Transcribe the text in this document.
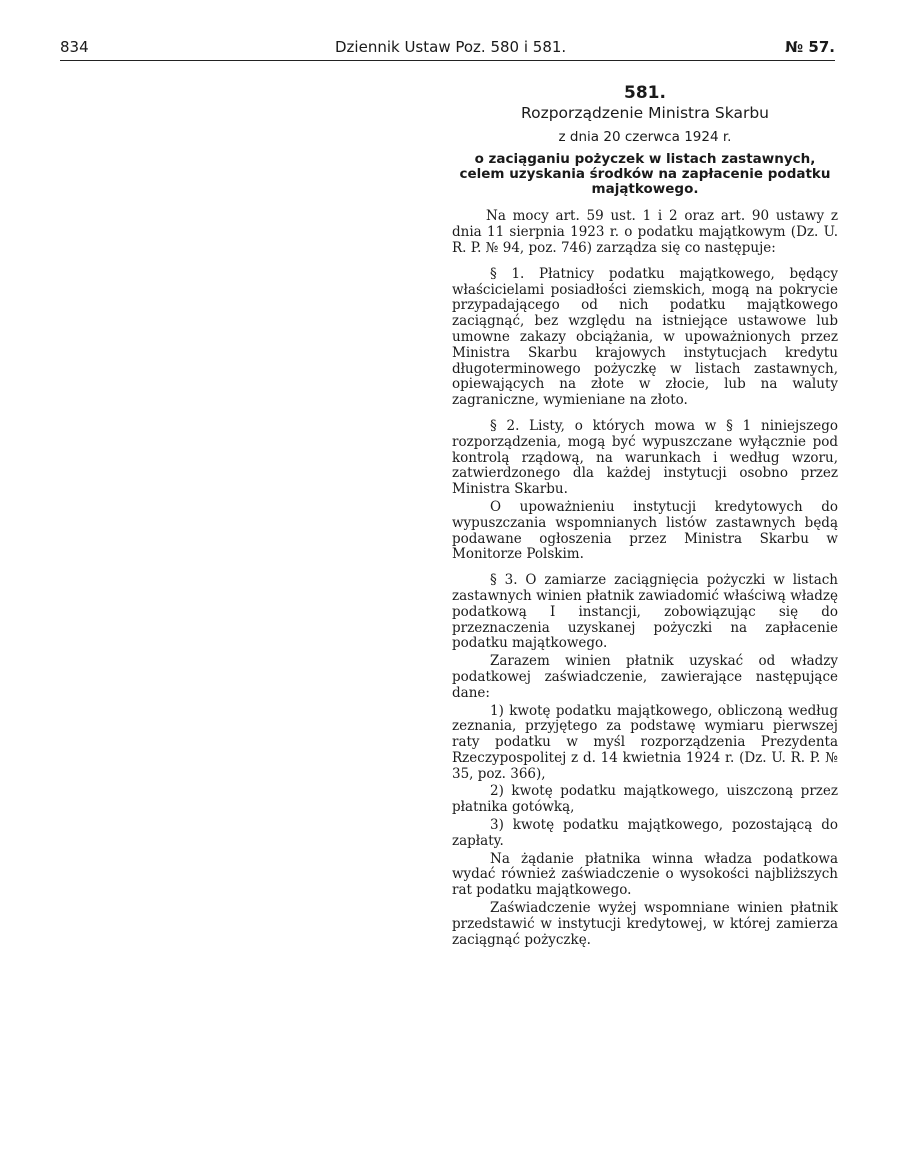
834	Dziennik Ustaw Poz. 580 i 581.	№ 57.
581.
Rozporządzenie Ministra Skarbu
z dnia 20 czerwca 1924 r.
o zaciąganiu pożyczek w listach zastawnych, celem uzyskania środków na zapłacenie podatku majątkowego.

Na mocy art. 59 ust. 1 i 2 oraz art. 90 ustawy z dnia 11 sierpnia 1923 r. o podatku majątkowym (Dz. U. R. P. № 94, poz. 746) zarządza się co następuje:

§ 1. Płatnicy podatku majątkowego, będący właścicielami posiadłości ziemskich, mogą na pokrycie przypadającego od nich podatku majątkowego zaciągnąć, bez względu na istniejące ustawowe lub umowne zakazy obciążania, w upoważnionych przez Ministra Skarbu krajowych instytucjach kredytu długoterminowego pożyczkę w listach zastawnych, opiewających na złote w złocie, lub na waluty zagraniczne, wymieniane na złoto.

§ 2. Listy, o których mowa w § 1 niniejszego rozporządzenia, mogą być wypuszczane wyłącznie pod kontrolą rządową, na warunkach i według wzoru, zatwierdzonego dla każdej instytucji osobno przez Ministra Skarbu.

O upoważnieniu instytucji kredytowych do wypuszczania wspomnianych listów zastawnych będą podawane ogłoszenia przez Ministra Skarbu w Monitorze Polskim.

§ 3. O zamiarze zaciągnięcia pożyczki w listach zastawnych winien płatnik zawiadomić właściwą władzę podatkową I instancji, zobowiązując się do przeznaczenia uzyskanej pożyczki na zapłacenie podatku majątkowego.

Zarazem winien płatnik uzyskać od władzy podatkowej zaświadczenie, zawierające następujące dane:

1) kwotę podatku majątkowego, obliczoną według zeznania, przyjętego za podstawę wymiaru pierwszej raty podatku w myśl rozporządzenia Prezydenta Rzeczypospolitej z d. 14 kwietnia 1924 r. (Dz. U. R. P. № 35, poz. 366),

2) kwotę podatku majątkowego, uiszczoną przez płatnika gotówką,

3) kwotę podatku majątkowego, pozostającą do zapłaty.

Na żądanie płatnika winna władza podatkowa wydać również zaświadczenie o wysokości najbliższych rat podatku majątkowego.

Zaświadczenie wyżej wspomniane winien płatnik przedstawić w instytucji kredytowej, w której zamierza zaciągnąć pożyczkę.
